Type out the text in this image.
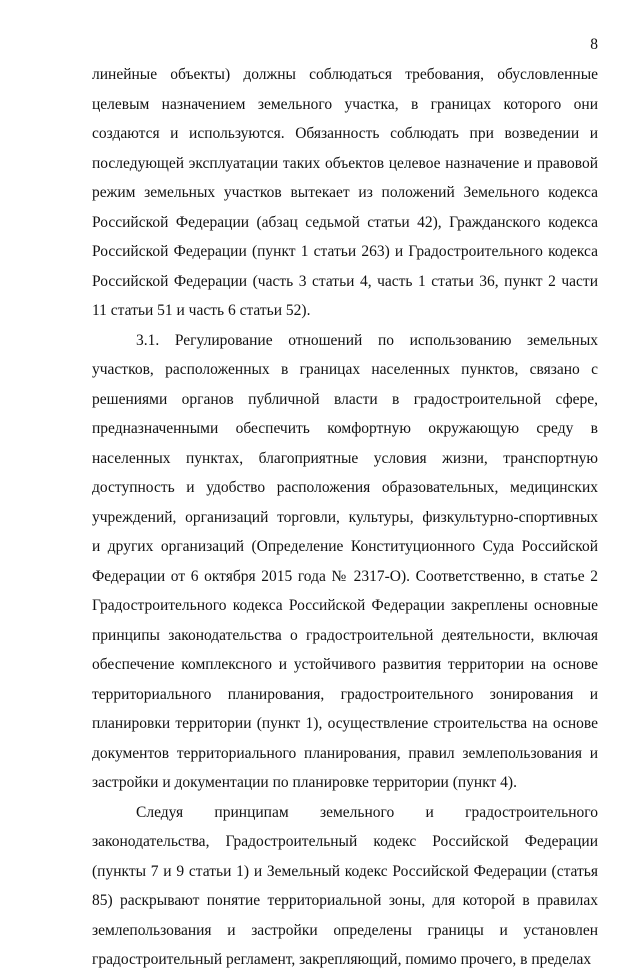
8
линейные объекты) должны соблюдаться требования, обусловленные
целевым назначением земельного участка, в границах которого они
создаются и используются. Обязанность соблюдать при возведении и
последующей эксплуатации таких объектов целевое назначение и правовой
режим земельных участков вытекает из положений Земельного кодекса
Российской Федерации (абзац седьмой статьи 42), Гражданского кодекса
Российской Федерации (пункт 1 статьи 263) и Градостроительного кодекса
Российской Федерации (часть 3 статьи 4, часть 1 статьи 36, пункт 2 части
11 статьи 51 и часть 6 статьи 52).
3.1. Регулирование отношений по использованию земельных
участков, расположенных в границах населенных пунктов, связано с
решениями органов публичной власти в градостроительной сфере,
предназначенными обеспечить комфортную окружающую среду в
населенных пунктах, благоприятные условия жизни, транспортную
доступность и удобство расположения образовательных, медицинских
учреждений, организаций торговли, культуры, физкультурно-спортивных
и других организаций (Определение Конституционного Суда Российской
Федерации от 6 октября 2015 года № 2317-О). Соответственно, в статье 2
Градостроительного кодекса Российской Федерации закреплены основные
принципы законодательства о градостроительной деятельности, включая
обеспечение комплексного и устойчивого развития территории на основе
территориального планирования, градостроительного зонирования и
планировки территории (пункт 1), осуществление строительства на основе
документов территориального планирования, правил землепользования и
застройки и документации по планировке территории (пункт 4).
Следуя принципам земельного и градостроительного
законодательства, Градостроительный кодекс Российской Федерации
(пункты 7 и 9 статьи 1) и Земельный кодекс Российской Федерации (статья
85) раскрывают понятие территориальной зоны, для которой в правилах
землепользования и застройки определены границы и установлен
градостроительный регламент, закрепляющий, помимо прочего, в пределах
